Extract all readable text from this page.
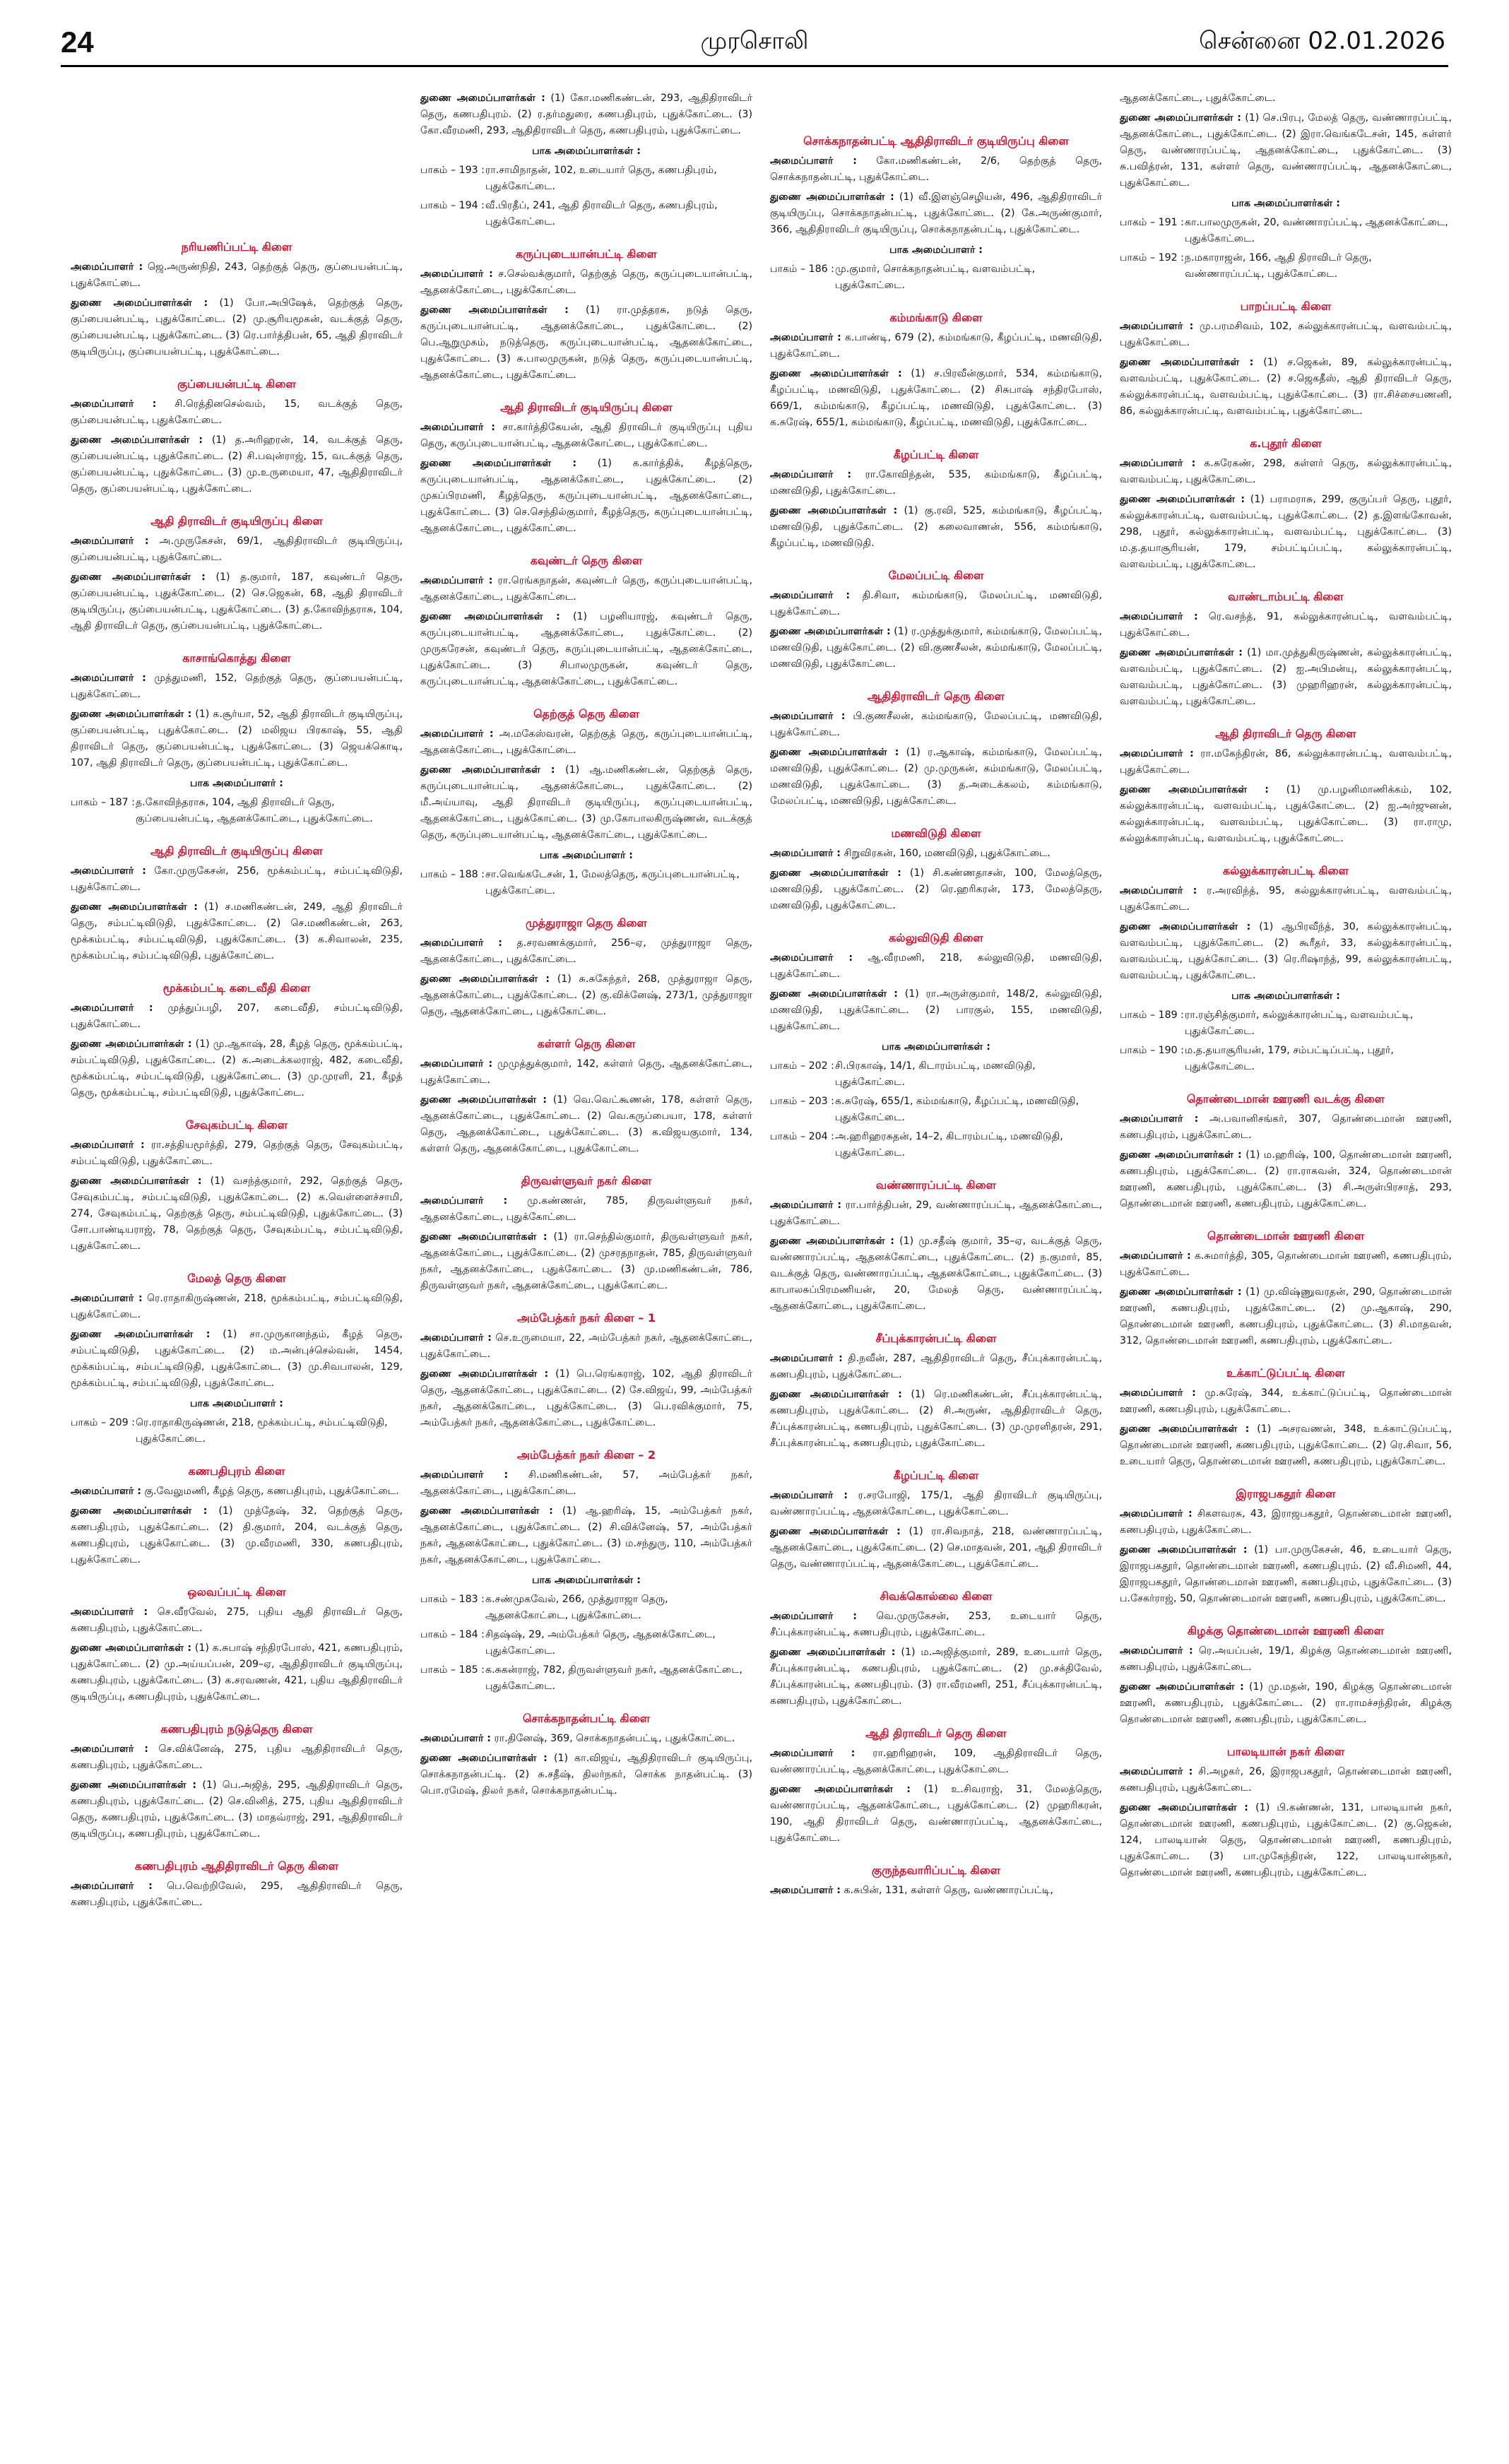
24	முரசொலி	சென்னை 02.01.2026
நரியணிப்பட்டி கிளை
அமைப்பாளர் : ஜெ.அருண்நிதி, 243, தெற்குத் தெரு, குப்பையன்பட்டி, புதுக்கோட்டை.
துணை அமைப்பாளர்கள் : (1) போ.அபிஷேக், தெற்குத் தெரு, குப்பையன்பட்டி, புதுக்கோட்டை. (2) மு.சூரியமூகன், வடக்குத் தெரு, குப்பையன்பட்டி, புதுக்கோட்டை. (3) ரெ.பார்த்திபன், 65, ஆதி திராவிடர் குடியிருப்பு, குப்பையன்பட்டி, புதுக்கோட்டை.
குப்பையன்பட்டி கிளை
அமைப்பாளர் : சி.ரெத்தினசெல்வம், 15, வடக்குத் தெரு, குப்பையன்பட்டி, புதுக்கோட்டை.
துணை அமைப்பாளர்கள் : (1) த.அரிஹரன், 14, வடக்குத் தெரு, குப்பையன்பட்டி, புதுக்கோட்டை. (2) சி.பவுன்ராஜ், 15, வடக்குத் தெரு, குப்பையன்பட்டி, புதுக்கோட்டை. (3) மு.உருமையா, 47, ஆதிதிராவிடர் தெரு, குப்பையன்பட்டி, புதுக்கோட்டை.
ஆதி திராவிடர் குடியிருப்பு கிளை
அமைப்பாளர் : அ.முருகேசன், 69/1, ஆதிதிராவிடர் குடியிருப்பு, குப்பையன்பட்டி, புதுக்கோட்டை.
துணை அமைப்பாளர்கள் : (1) த.குமார், 187, கவுண்டர் தெரு, குப்பையன்பட்டி, புதுக்கோட்டை. (2) செ.ஜெகன், 68, ஆதி திராவிடர் குடியிருப்பு, குப்பையன்பட்டி, புதுக்கோட்டை. (3) த.கோவிந்தராசு, 104, ஆதி திராவிடர் தெரு, குப்பையன்பட்டி, புதுக்கோட்டை.
காசாங்கொத்து கிளை
அமைப்பாளர் : முத்துமணி, 152, தெற்குத் தெரு, குப்பையன்பட்டி, புதுக்கோட்டை.
துணை அமைப்பாளர்கள் : (1) க.சூர்யா, 52, ஆதி திராவிடர் குடியிருப்பு, குப்பையன்பட்டி, புதுக்கோட்டை. (2) மலிஜய பிரகாஷ், 55, ஆதி திராவிடர் தெரு, குப்பையன்பட்டி, புதுக்கோட்டை. (3) ஜெயக்கொடி, 107, ஆதி திராவிடர் தெரு, குப்பையன்பட்டி, புதுக்கோட்டை.
பாக அமைப்பாளர் :
பாகம் – 187 : த.கோவிந்தராசு, 104, ஆதி திராவிடர் தெரு, குப்பையன்பட்டி, ஆதனக்கோட்டை, புதுக்கோட்டை.
ஆதி திராவிடர் குடியிருப்பு கிளை
அமைப்பாளர் : கோ.முருகேசன், 256, மூக்கம்பட்டி, சம்பட்டிவிடுதி, புதுக்கோட்டை.
துணை அமைப்பாளர்கள் : (1) ச.மணிகண்டன், 249, ஆதி திராவிடர் தெரு, சம்பட்டிவிடுதி, புதுக்கோட்டை. (2) செ.மணிகண்டன், 263, மூக்கம்பட்டி, சம்பட்டிவிடுதி, புதுக்கோட்டை. (3) க.சிவாலன், 235, மூக்கம்பட்டி, சம்பட்டிவிடுதி, புதுக்கோட்டை.
மூக்கம்பட்டி கடைவீதி கிளை
அமைப்பாளர் : முத்துப்பழி, 207, கடைவீதி, சம்பட்டிவிடுதி, புதுக்கோட்டை.
துணை அமைப்பாளர்கள் : (1) மு.ஆகாஷ், 28, கீழத் தெரு, மூக்கம்பட்டி, சம்பட்டிவிடுதி, புதுக்கோட்டை. (2) க.அடைக்கலராஜ், 482, கடைவீதி, மூக்கம்பட்டி, சம்பட்டிவிடுதி, புதுக்கோட்டை. (3) மு.முரளி, 21, கீழத் தெரு, மூக்கம்பட்டி, சம்பட்டிவிடுதி, புதுக்கோட்டை.
சேவுகம்பட்டி கிளை
அமைப்பாளர் : ரா.சத்தியமூர்த்தி, 279, தெற்குத் தெரு, சேவுகம்பட்டி, சம்பட்டிவிடுதி, புதுக்கோட்டை.
துணை அமைப்பாளர்கள் : (1) வசந்த்குமார், 292, தெற்குத் தெரு, சேவுகம்பட்டி, சம்பட்டிவிடுதி, புதுக்கோட்டை. (2) க.வெள்ளைச்சாமி, 274, சேவுகம்பட்டி, தெற்குத் தெரு, சம்பட்டிவிடுதி, புதுக்கோட்டை. (3) சோ.பாண்டியராஜ், 78, தெற்குத் தெரு, சேவுகம்பட்டி, சம்பட்டிவிடுதி, புதுக்கோட்டை.
மேலத் தெரு கிளை
அமைப்பாளர் : ரெ.ராதாகிருஷ்ணன், 218, மூக்கம்பட்டி, சம்பட்டிவிடுதி, புதுக்கோட்டை.
துணை அமைப்பாளர்கள் : (1) சா.முருகானந்தம், கீழத் தெரு, சம்பட்டிவிடுதி, புதுக்கோட்டை. (2) ம.அன்புச்செல்வன், 1454, மூக்கம்பட்டி, சம்பட்டிவிடுதி, புதுக்கோட்டை. (3) மு.சிவபாலன், 129, மூக்கம்பட்டி, சம்பட்டிவிடுதி, புதுக்கோட்டை.
பாக அமைப்பாளர் :
பாகம் – 209 : ரெ.ராதாகிருஷ்ணன், 218, மூக்கம்பட்டி, சம்பட்டிவிடுதி, புதுக்கோட்டை.
கணபதிபுரம் கிளை
அமைப்பாளர் : கு.வேலுமணி, கீழத் தெரு, கணபதிபுரம், புதுக்கோட்டை.
துணை அமைப்பாளர்கள் : (1) முத்தேஷ், 32, தெற்குத் தெரு, கணபதிபுரம், புதுக்கோட்டை. (2) தி.குமார், 204, வடக்குத் தெரு, கணபதிபுரம், புதுக்கோட்டை. (3) மு.வீரமணி, 330, கணபதிபுரம், புதுக்கோட்டை.
ஒலவப்பட்டி கிளை
அமைப்பாளர் : செ.வீரவேல், 275, புதிய ஆதி திராவிடர் தெரு, கணபதிபுரம், புதுக்கோட்டை.
துணை அமைப்பாளர்கள் : (1) க.சுபாஷ் சந்திரபோஸ், 421, கணபதிபுரம், புதுக்கோட்டை. (2) மு.அய்யப்பன், 209–ஏ, ஆதிதிராவிடர் குடியிருப்பு, கணபதிபுரம், புதுக்கோட்டை. (3) க.சரவணன், 421, புதிய ஆதிதிராவிடர் குடியிருப்பு, கணபதிபுரம், புதுக்கோட்டை.
கணபதிபுரம் நடுத்தெரு கிளை
அமைப்பாளர் : செ.விக்னேஷ், 275, புதிய ஆதிதிராவிடர் தெரு, கணபதிபுரம், புதுக்கோட்டை.
துணை அமைப்பாளர்கள் : (1) பெ.அஜித், 295, ஆதிதிராவிடர் தெரு, கணபதிபுரம், புதுக்கோட்டை. (2) செ.வினித், 275, புதிய ஆதிதிராவிடர் தெரு, கணபதிபுரம், புதுக்கோட்டை. (3) மாதவ்ராஜ், 291, ஆதிதிராவிடர் குடியிருப்பு, கணபதிபுரம், புதுக்கோட்டை.
கணபதிபுரம் ஆதிதிராவிடர் தெரு கிளை
அமைப்பாளர் : பெ.வெற்றிவேல், 295, ஆதிதிராவிடர் தெரு, கணபதிபுரம், புதுக்கோட்டை.
துணை அமைப்பாளர்கள் : (1) கோ.மணிகண்டன், 293, ஆதிதிராவிடர் தெரு, கணபதிபுரம். (2) ர.தர்மதுரை, கணபதிபுரம், புதுக்கோட்டை. (3) கோ.வீரமணி, 293, ஆதிதிராவிடர் தெரு, கணபதிபுரம், புதுக்கோட்டை.
பாக அமைப்பாளர்கள் :
பாகம் – 193 : ரா.சாமிநாதன், 102, உடையார் தெரு, கணபதிபுரம், புதுக்கோட்டை.
பாகம் – 194 : வீ.பிரதீப், 241, ஆதி திராவிடர் தெரு, கணபதிபுரம், புதுக்கோட்டை.
கருப்புடையான்பட்டி கிளை
அமைப்பாளர் : ச.செல்வக்குமார், தெற்குத் தெரு, கருப்புடையான்பட்டி, ஆதனக்கோட்டை, புதுக்கோட்டை.
துணை அமைப்பாளர்கள் : (1) ரா.முத்தரசு, நடுத் தெரு, கருப்புடையான்பட்டி, ஆதனக்கோட்டை, புதுக்கோட்டை. (2) பெ.ஆறுமுகம், நடுத்தெரு, கருப்புடையான்பட்டி, ஆதனக்கோட்டை, புதுக்கோட்டை. (3) சு.பாலமுருகன், நடுத் தெரு, கருப்புடையான்பட்டி, ஆதனக்கோட்டை, புதுக்கோட்டை.
ஆதி திராவிடர் குடியிருப்பு கிளை
அமைப்பாளர் : சா.கார்த்திகேயன், ஆதி திராவிடர் குடியிருப்பு புதிய தெரு, கருப்புடையான்பட்டி, ஆதனக்கோட்டை, புதுக்கோட்டை.
துணை அமைப்பாளர்கள் : (1) க.கார்த்திக், கீழத்தெரு, கருப்புடையான்பட்டி, ஆதனக்கோட்டை, புதுக்கோட்டை. (2) முகப்பிரமணி, கீழத்தெரு, கருப்புடையான்பட்டி, ஆதனக்கோட்டை, புதுக்கோட்டை. (3) செ.செந்தில்குமார், கீழத்தெரு, கருப்புடையான்பட்டி, ஆதனக்கோட்டை, புதுக்கோட்டை.
கவுண்டர் தெரு கிளை
அமைப்பாளர் : ரா.ரெங்கநாதன், கவுண்டர் தெரு, கருப்புடையான்பட்டி, ஆதனக்கோட்டை, புதுக்கோட்டை.
துணை அமைப்பாளர்கள் : (1) பழனியாரஜ், கவுண்டர் தெரு, கருப்புடையான்பட்டி, ஆதனக்கோட்டை, புதுக்கோட்டை. (2) முருகரேசன், கவுண்டர் தெரு, கருப்புடையான்பட்டி, ஆதனக்கோட்டை, புதுக்கோட்டை. (3) சிபாலமுருகன், கவுண்டர் தெரு, கருப்புடையான்பட்டி, ஆதனக்கோட்டை, புதுக்கோட்டை.
தெற்குத் தெரு கிளை
அமைப்பாளர் : அ.மகேஸ்வரன், தெற்குத் தெரு, கருப்புடையான்பட்டி, ஆதனக்கோட்டை, புதுக்கோட்டை.
துணை அமைப்பாளர்கள் : (1) ஆ.மணிகண்டன், தெற்குத் தெரு, கருப்புடையான்பட்டி, ஆதனக்கோட்டை, புதுக்கோட்டை. (2) மீ.அய்யாவு, ஆதி திராவிடர் குடியிருப்பு, கருப்புடையான்பட்டி, ஆதனக்கோட்டை, புதுக்கோட்டை. (3) மு.கோபாலகிருஷ்ணன், வடக்குத் தெரு, கருப்புடையான்பட்டி, ஆதனக்கோட்டை, புதுக்கோட்டை.
பாக அமைப்பாளர் :
பாகம் – 188 : சா.வெங்கடேசன், 1, மேலத்தெரு, கருப்புடையான்பட்டி, புதுக்கோட்டை.
முத்துராஜா தெரு கிளை
அமைப்பாளர் : த.சரவணக்குமார், 256–ஏ, முத்துராஜா தெரு, ஆதனக்கோட்டை, புதுக்கோட்டை.
துணை அமைப்பாளர்கள் : (1) சு.சுகேந்தர், 268, முத்துராஜா தெரு, ஆதனக்கோட்டை, புதுக்கோட்டை. (2) கு.விக்னேஷ், 273/1, முத்துராஜா தெரு, ஆதனக்கோட்டை, புதுக்கோட்டை.
கள்ளர் தெரு கிளை
அமைப்பாளர் : முமுத்துக்குமார், 142, கள்ளர் தெரு, ஆதனக்கோட்டை, புதுக்கோட்டை.
துணை அமைப்பாளர்கள் : (1) வெ.வெட்கூணன், 178, கள்ளர் தெரு, ஆதனக்கோட்டை, புதுக்கோட்டை. (2) வெ.கருப்பையா, 178, கள்ளர் தெரு, ஆதனக்கோட்டை, புதுக்கோட்டை. (3) க.விஜயகுமார், 134, கள்ளர் தெரு, ஆதனக்கோட்டை, புதுக்கோட்டை.
திருவள்ளுவர் நகர் கிளை
அமைப்பாளர் : மு.கண்ணன், 785, திருவள்ளுவர் நகர், ஆதனக்கோட்டை, புதுக்கோட்டை.
துணை அமைப்பாளர்கள் : (1) ரா.செந்தில்குமார், திருவள்ளுவர் நகர், ஆதனக்கோட்டை, புதுக்கோட்டை. (2) முசரதநாதன், 785, திருவள்ளுவர் நகர், ஆதனக்கோட்டை, புதுக்கோட்டை. (3) மு.மணிகண்டன், 786, திருவள்ளுவர் நகர், ஆதனக்கோட்டை, புதுக்கோட்டை.
அம்பேத்கர் நகர் கிளை – 1
அமைப்பாளர் : செ.உருமையா, 22, அம்பேத்கர் நகர், ஆதனக்கோட்டை, புதுக்கோட்டை.
துணை அமைப்பாளர்கள் : (1) பெ.ரெங்கராஜ், 102, ஆதி திராவிடர் தெரு, ஆதனக்கோட்டை, புதுக்கோட்டை. (2) சே.விஜய், 99, அம்பேத்கர் நகர், ஆதனக்கோட்டை, புதுக்கோட்டை. (3) பெ.ரவிக்குமார், 75, அம்பேத்கர் நகர், ஆதனக்கோட்டை, புதுக்கோட்டை.
அம்பேத்கர் நகர் கிளை – 2
அமைப்பாளர் : சி.மணிகண்டன், 57, அம்பேத்கர் நகர், ஆதனக்கோட்டை, புதுக்கோட்டை.
துணை அமைப்பாளர்கள் : (1) ஆ.ஹரிஷ், 15, அம்பேத்கர் நகர், ஆதனக்கோட்டை, புதுக்கோட்டை. (2) சி.விக்னேஷ், 57, அம்பேத்கர் நகர், ஆதனக்கோட்டை, புதுக்கோட்டை. (3) ம.சந்துரு, 110, அம்பேத்கர் நகர், ஆதனக்கோட்டை, புதுக்கோட்டை.
பாக அமைப்பாளர்கள் :
பாகம் – 183 : க.சண்முகவேல், 266, முத்துராஜா தெரு, ஆதனக்கோட்டை, புதுக்கோட்டை.
பாகம் – 184 : சிதஷ்ஷ், 29, அம்பேத்கர் தெரு, ஆதனக்கோட்டை, புதுக்கோட்டை.
பாகம் – 185 : க.சுகன்ராஜ், 782, திருவள்ளுவர் நகர், ஆதனக்கோட்டை, புதுக்கோட்டை.
சொக்கநாதன்பட்டி கிளை
அமைப்பாளர் : ரா.தினேஷ், 369, சொக்கநாதன்பட்டி, புதுக்கோட்டை.
துணை அமைப்பாளர்கள் : (1) கா.விஜய், ஆதிதிராவிடர் குடியிருப்பு, சொக்கநாதன்பட்டி. (2) சு.சதீஷ், திலர்நகர், சொக்க நாதன்பட்டி. (3) பொ.ரமேஷ், திலர் நகர், சொக்கநாதன்பட்டி.
சொக்கநாதன்பட்டி ஆதிதிராவிடர் குடியிருப்பு கிளை
அமைப்பாளர் : கோ.மணிகண்டன், 2/6, தெற்குத் தெரு, சொக்கநாதன்பட்டி, புதுக்கோட்டை.
துணை அமைப்பாளர்கள் : (1) வீ.இளஞ்செழியன், 496, ஆதிதிராவிடர் குடியிருப்பு, சொக்கநாதன்பட்டி, புதுக்கோட்டை. (2) கே.அருண்குமார், 366, ஆதிதிராவிடர் குடியிருப்பு, சொக்கநாதன்பட்டி, புதுக்கோட்டை.
பாக அமைப்பாளர் :
பாகம் – 186 : மு.குமார், சொக்கநாதன்பட்டி, வளவம்பட்டி, புதுக்கோட்டை.
கம்மங்காடு கிளை
அமைப்பாளர் : க.பாண்டி, 679 (2), கம்மங்காடு, கீழப்பட்டி, மணவிடுதி, புதுக்கோட்டை.
துணை அமைப்பாளர்கள் : (1) ச.பிரவீன்குமார், 534, கம்மங்காடு, கீழப்பட்டி, மணவிடுதி, புதுக்கோட்டை. (2) சிசுபாஷ் சந்திரபோஸ், 669/1, கம்மங்காடு, கீழப்பட்டி, மணவிடுதி, புதுக்கோட்டை. (3) க.சுரேஷ், 655/1, கம்மங்காடு, கீழப்பட்டி, மணவிடுதி, புதுக்கோட்டை.
கீழப்பட்டி கிளை
அமைப்பாளர் : ரா.கோவிந்தன், 535, கம்மங்காடு, கீழப்பட்டி, மணவிடுதி, புதுக்கோட்டை.
துணை அமைப்பாளர்கள் : (1) கு.ரவி, 525, கம்மங்காடு, கீழப்பட்டி, மணவிடுதி, புதுக்கோட்டை. (2) கலைவாணன், 556, கம்மங்காடு, கீழப்பட்டி, மணவிடுதி.
மேலப்பட்டி கிளை
அமைப்பாளர் : தி.சிவா, கம்மங்காடு, மேலப்பட்டி, மணவிடுதி, புதுக்கோட்டை.
துணை அமைப்பாளர்கள் : (1) ர.முத்துக்குமார், கம்மங்காடு, மேலப்பட்டி, மணவிடுதி, புதுக்கோட்டை. (2) வி.குணசீலன், கம்மங்காடு, மேலப்பட்டி, மணவிடுதி, புதுக்கோட்டை.
ஆதிதிராவிடர் தெரு கிளை
அமைப்பாளர் : பி.குணசீலன், கம்மங்காடு, மேலப்பட்டி, மணவிடுதி, புதுக்கோட்டை.
துணை அமைப்பாளர்கள் : (1) ர.ஆகாஷ், கம்மங்காடு, மேலப்பட்டி, மணவிடுதி, புதுக்கோட்டை. (2) மு.முருகன், கம்மங்காடு, மேலப்பட்டி, மணவிடுதி, புதுக்கோட்டை. (3) த.அடைக்கலம், கம்மங்காடு, மேலப்பட்டி, மணவிடுதி, புதுக்கோட்டை.
மணவிடுதி கிளை
அமைப்பாளர் : சிறுவிரகன், 160, மணவிடுதி, புதுக்கோட்டை.
துணை அமைப்பாளர்கள் : (1) சி.கண்ணதாசன், 100, மேலத்தெரு, மணவிடுதி, புதுக்கோட்டை. (2) ரெ.ஹரிகரன், 173, மேலத்தெரு, மணவிடுதி, புதுக்கோட்டை.
கல்லுவிடுதி கிளை
அமைப்பாளர் : ஆ.வீரமணி, 218, கல்லுவிடுதி, மணவிடுதி, புதுக்கோட்டை.
துணை அமைப்பாளர்கள் : (1) ரா.அருள்குமார், 148/2, கல்லுவிடுதி, மணவிடுதி, புதுக்கோட்டை. (2) பாரகுல், 155, மணவிடுதி, புதுக்கோட்டை.
பாக அமைப்பாளர்கள் :
பாகம் – 202 : சி.பிரகாஷ், 14/1, கிடாரம்பட்டி, மணவிடுதி, புதுக்கோட்டை.
பாகம் – 203 : க.சுரேஷ், 655/1, கம்மங்காடு, கீழப்பட்டி, மணவிடுதி, புதுக்கோட்டை.
பாகம் – 204 : அ.ஹரிஹரசுதன், 14–2, கிடாரம்பட்டி, மணவிடுதி, புதுக்கோட்டை.
வண்ணாரப்பட்டி கிளை
அமைப்பாளர் : ரா.பார்த்திபன், 29, வண்ணாரப்பட்டி, ஆதனக்கோட்டை, புதுக்கோட்டை.
துணை அமைப்பாளர்கள் : (1) மு.சதீஷ் குமார், 35–ஏ, வடக்குத் தெரு, வண்ணாரப்பட்டி, ஆதனக்கோட்டை, புதுக்கோட்டை. (2) ந.குமார், 85, வடக்குத் தெரு, வண்ணாரப்பட்டி, ஆதனக்கோட்டை, புதுக்கோட்டை. (3) காபாலசுப்பிரமணியன், 20, மேலத் தெரு, வண்ணாரப்பட்டி, ஆதனக்கோட்டை, புதுக்கோட்டை.
சீப்புக்காரன்பட்டி கிளை
அமைப்பாளர் : தி.நவீன், 287, ஆதிதிராவிடர் தெரு, சீப்புக்காரன்பட்டி, கணபதிபுரம், புதுக்கோட்டை.
துணை அமைப்பாளர்கள் : (1) ரெ.மணிகண்டன், சீப்புக்காரன்பட்டி, கணபதிபுரம், புதுக்கோட்டை. (2) சி.அருண், ஆதிதிராவிடர் தெரு, சீப்புக்காரன்பட்டி, கணபதிபுரம், புதுக்கோட்டை. (3) மு.முரளிதரன், 291, சீப்புக்காரன்பட்டி, கணபதிபுரம், புதுக்கோட்டை.
கீழப்பட்டி கிளை
அமைப்பாளர் : ர.சரபோஜி, 175/1, ஆதி திராவிடர் குடியிருப்பு, வண்ணாரப்பட்டி, ஆதனக்கோட்டை, புதுக்கோட்டை.
துணை அமைப்பாளர்கள் : (1) ரா.சிவநாத், 218, வண்ணாரப்பட்டி, ஆதனக்கோட்டை, புதுக்கோட்டை. (2) செ.மாதவன், 201, ஆதி திராவிடர் தெரு, வண்ணாரப்பட்டி, ஆதனக்கோட்டை, புதுக்கோட்டை.
சிவக்கொல்லை கிளை
அமைப்பாளர் : வெ.முருகேசன், 253, உடையார் தெரு, சீப்புக்காரன்பட்டி, கணபதிபுரம், புதுக்கோட்டை.
துணை அமைப்பாளர்கள் : (1) ம.அஜித்குமார், 289, உடையார் தெரு, சீப்புக்காரன்பட்டி, கணபதிபுரம், புதுக்கோட்டை. (2) மு.சக்திவேல், சீப்புக்காரன்பட்டி, கணபதிபுரம். (3) ரா.வீரமணி, 251, சீப்புக்காரன்பட்டி, கணபதிபுரம், புதுக்கோட்டை.
ஆதி திராவிடர் தெரு கிளை
அமைப்பாளர் : ரா.ஹரிஹரன், 109, ஆதிதிராவிடர் தெரு, வண்ணாரப்பட்டி, ஆதனக்கோட்டை, புதுக்கோட்டை.
துணை அமைப்பாளர்கள் : (1) உ.சிவராஜ், 31, மேலத்தெரு, வண்ணாரப்பட்டி, ஆதனக்கோட்டை, புதுக்கோட்டை. (2) முஹரிகரன், 190, ஆதி திராவிடர் தெரு, வண்ணாரப்பட்டி, ஆதனக்கோட்டை, புதுக்கோட்டை.
குருந்தவாரிப்பட்டி கிளை
அமைப்பாளர் : க.சுபின், 131, கள்ளர் தெரு, வண்ணாரப்பட்டி,
ஆதனக்கோட்டை, புதுக்கோட்டை.
துணை அமைப்பாளர்கள் : (1) செ.பிரபு, மேலத் தெரு, வண்ணாரப்பட்டி, ஆதனக்கோட்டை, புதுக்கோட்டை. (2) இரா.வெங்கடேசன், 145, கள்ளர் தெரு, வண்ணாரப்பட்டி, ஆதனக்கோட்டை, புதுக்கோட்டை. (3) சு.பவித்ரன், 131, கள்ளர் தெரு, வண்ணாரப்பட்டி, ஆதனக்கோட்டை, புதுக்கோட்டை.
பாக அமைப்பாளர்கள் :
பாகம் – 191 : கா.பாலமுருகன், 20, வண்ணாரப்பட்டி, ஆதனக்கோட்டை, புதுக்கோட்டை.
பாகம் – 192 : ந.மகாராஜன், 166, ஆதி திராவிடர் தெரு, வண்ணாரப்பட்டி, புதுக்கோட்டை.
பாறப்பட்டி கிளை
அமைப்பாளர் : மு.பரமசிவம், 102, கல்லுக்காரன்பட்டி, வளவம்பட்டி, புதுக்கோட்டை.
துணை அமைப்பாளர்கள் : (1) ச.ஜெகன், 89, கல்லுக்காரன்பட்டி, வளவம்பட்டி, புதுக்கோட்டை. (2) ச.ஜெகதீஸ், ஆதி திராவிடர் தெரு, கல்லுக்காரன்பட்டி, வளவம்பட்டி, புதுக்கோட்டை. (3) ரா.சிச்சையணனி, 86, கல்லுக்காரன்பட்டி, வளவம்பட்டி, புதுக்கோட்டை.
க.புதூர் கிளை
அமைப்பாளர் : க.சுரேகண், 298, கள்ளர் தெரு, கல்லுக்காரன்பட்டி, வளவம்பட்டி, புதுக்கோட்டை.
துணை அமைப்பாளர்கள் : (1) பராமராசு, 299, குருப்பர் தெரு, புதூர், கல்லுக்காரன்பட்டி, வளவம்பட்டி, புதுக்கோட்டை. (2) த.இளங்கோவன், 298, புதூர், கல்லுக்காரன்பட்டி, வளவம்பட்டி, புதுக்கோட்டை. (3) ம.த.தயாசூரியன், 179, சம்பட்டிப்பட்டி, கல்லுக்காரன்பட்டி, வளவம்பட்டி, புதுக்கோட்டை.
வாண்டாம்பட்டி கிளை
அமைப்பாளர் : ரெ.வசந்த், 91, கல்லுக்காரன்பட்டி, வளவம்பட்டி, புதுக்கோட்டை.
துணை அமைப்பாளர்கள் : (1) மா.முத்துகிருஷ்ணன், கல்லுக்காரன்பட்டி, வளவம்பட்டி, புதுக்கோட்டை. (2) ஐ.அபிமன்யு, கல்லுக்காரன்பட்டி, வளவம்பட்டி, புதுக்கோட்டை. (3) முஹரிஹரன், கல்லுக்காரன்பட்டி, வளவம்பட்டி, புதுக்கோட்டை.
ஆதி திராவிடர் தெரு கிளை
அமைப்பாளர் : ரா.மகேந்திரன், 86, கல்லுக்காரன்பட்டி, வளவம்பட்டி, புதுக்கோட்டை.
துணை அமைப்பாளர்கள் : (1) மு.பழனிமாணிக்கம், 102, கல்லுக்காரன்பட்டி, வளவம்பட்டி, புதுக்கோட்டை. (2) ஐ.அர்ஜுனன், கல்லுக்காரன்பட்டி, வளவம்பட்டி, புதுக்கோட்டை. (3) ரா.ராமு, கல்லுக்காரன்பட்டி, வளவம்பட்டி, புதுக்கோட்டை.
கல்லுக்காரன்பட்டி கிளை
அமைப்பாளர் : ர.அரவிந்த், 95, கல்லுக்காரன்பட்டி, வளவம்பட்டி, புதுக்கோட்டை.
துணை அமைப்பாளர்கள் : (1) ஆபிரவீந்த், 30, கல்லுக்காரன்பட்டி, வளவம்பட்டி, புதுக்கோட்டை. (2) கூரீதர், 33, கல்லுக்காரன்பட்டி, வளவம்பட்டி, புதுக்கோட்டை. (3) ரெ.ரிஷாந்த், 99, கல்லுக்காரன்பட்டி, வளவம்பட்டி, புதுக்கோட்டை.
பாக அமைப்பாளர்கள் :
பாகம் – 189 : ரா.ரஞ்சித்குமார், கல்லுக்காரன்பட்டி, வளவம்பட்டி, புதுக்கோட்டை.
பாகம் – 190 : ம.த.தயாசூரியன், 179, சம்பட்டிப்பட்டி, புதூர், புதுக்கோட்டை.
தொண்டைமான் ஊரணி வடக்கு கிளை
அமைப்பாளர் : அ.பவானிசங்கர், 307, தொண்டைமான் ஊரணி, கணபதிபுரம், புதுக்கோட்டை.
துணை அமைப்பாளர்கள் : (1) ம.ஹரிஷ், 100, தொண்டைமான் ஊரணி, கணபதிபுரம், புதுக்கோட்டை. (2) ரா.ராகவன், 324, தொண்டைமான் ஊரணி, கணபதிபுரம், புதுக்கோட்டை. (3) சி.அருள்பிரசாத், 293, தொண்டைமான் ஊரணி, கணபதிபுரம், புதுக்கோட்டை.
தொண்டைமான் ஊரணி கிளை
அமைப்பாளர் : க.சுமார்த்தி, 305, தொண்டைமான் ஊரணி, கணபதிபுரம், புதுக்கோட்டை.
துணை அமைப்பாளர்கள் : (1) மு.விஷ்ணுவரதன், 290, தொண்டைமான் ஊரணி, கணபதிபுரம், புதுக்கோட்டை. (2) மு.ஆகாஷ், 290, தொண்டைமான் ஊரணி, கணபதிபுரம், புதுக்கோட்டை. (3) சி.மாதவன், 312, தொண்டைமான் ஊரணி, கணபதிபுரம், புதுக்கோட்டை.
உக்காட்டுப்பட்டி கிளை
அமைப்பாளர் : மு.சுரேஷ், 344, உக்காட்டுப்பட்டி, தொண்டைமான் ஊரணி, கணபதிபுரம், புதுக்கோட்டை.
துணை அமைப்பாளர்கள் : (1) அசரவணன், 348, உக்காட்டுப்பட்டி, தொண்டைமான் ஊரணி, கணபதிபுரம், புதுக்கோட்டை. (2) ரெ.சிவா, 56, உடையார் தெரு, தொண்டைமான் ஊரணி, கணபதிபுரம், புதுக்கோட்டை.
இராஜபகதூர் கிளை
அமைப்பாளர் : சிகளவரசு, 43, இராஜபகதூர், தொண்டைமான் ஊரணி, கணபதிபுரம், புதுக்கோட்டை.
துணை அமைப்பாளர்கள் : (1) பா.முருகேசன், 46, உடையார் தெரு, இராஜபகதூர், தொண்டைமான் ஊரணி, கணபதிபுரம். (2) வீ.சிமணி, 44, இராஜபகதூர், தொண்டைமான் ஊரணி, கணபதிபுரம், புதுக்கோட்டை. (3) ப.சேகர்ராஜ், 50, தொண்டைமான் ஊரணி, கணபதிபுரம், புதுக்கோட்டை.
கிழக்கு தொண்டைமான் ஊரணி கிளை
அமைப்பாளர் : ரெ.அயப்பன், 19/1, கிழக்கு தொண்டைமான் ஊரணி, கணபதிபுரம், புதுக்கோட்டை.
துணை அமைப்பாளர்கள் : (1) மு.மதன், 190, கிழக்கு தொண்டைமான் ஊரணி, கணபதிபுரம், புதுக்கோட்டை. (2) ரா.ராமச்சந்திரன், கிழக்கு தொண்டைமான் ஊரணி, கணபதிபுரம், புதுக்கோட்டை.
பாலடியான் நகர் கிளை
அமைப்பாளர் : சி.அழகர், 26, இராஜபகதூர், தொண்டைமான் ஊரணி, கணபதிபுரம், புதுக்கோட்டை.
துணை அமைப்பாளர்கள் : (1) பி.கண்ணன், 131, பாலடியான் நகர், தொண்டைமான் ஊரணி, கணபதிபுரம், புதுக்கோட்டை. (2) கு.ஜெகன், 124, பாலடியான் தெரு, தொண்டைமான் ஊரணி, கணபதிபுரம், புதுக்கோட்டை. (3) பா.முகேந்திரன், 122, பாலடியான்நகர், தொண்டைமான் ஊரணி, கணபதிபுரம், புதுக்கோட்டை.
